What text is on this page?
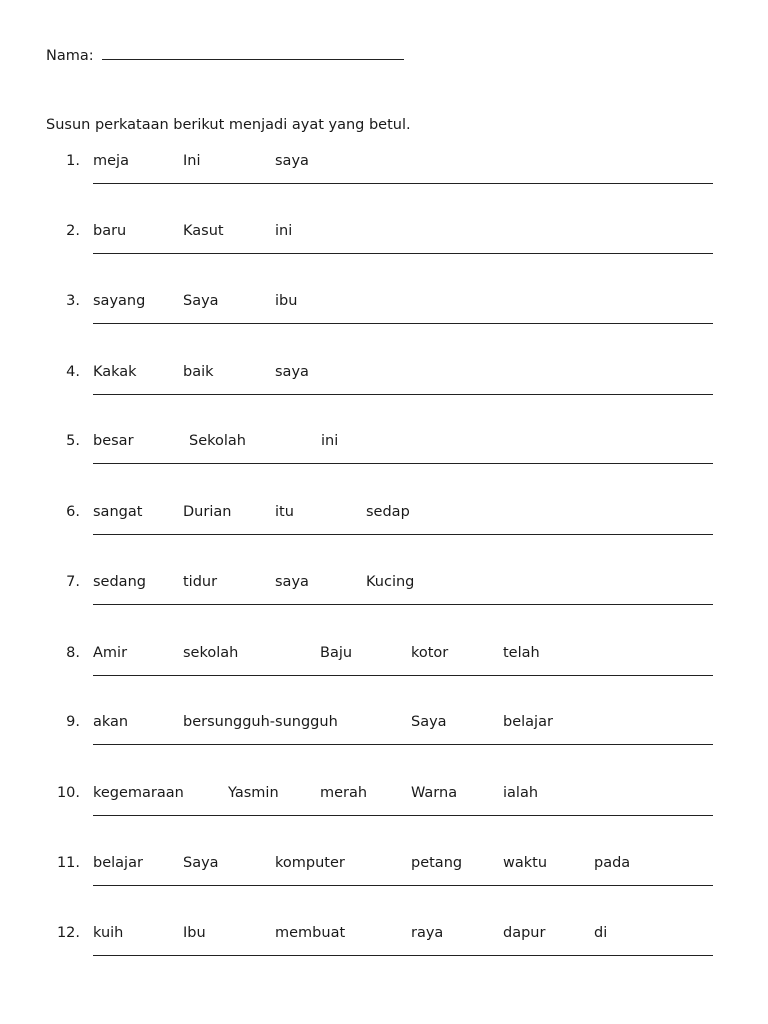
Nama:
Susun perkataan berikut menjadi ayat yang betul.
1. meja	Ini	saya
2. baru	Kasut	ini
3. sayang	Saya	ibu
4. Kakak	baik	saya
5. besar	Sekolah	ini
6. sangat	Durian	itu	sedap
7. sedang	tidur	saya	Kucing
8. Amir	sekolah	Baju	kotor	telah
9. akan	bersungguh-sungguh	Saya	belajar
10. kegemaraan	Yasmin	merah	Warna	ialah
11. belajar	Saya	komputer	petang	waktu	pada
12. kuih	Ibu	membuat	raya	dapur	di
